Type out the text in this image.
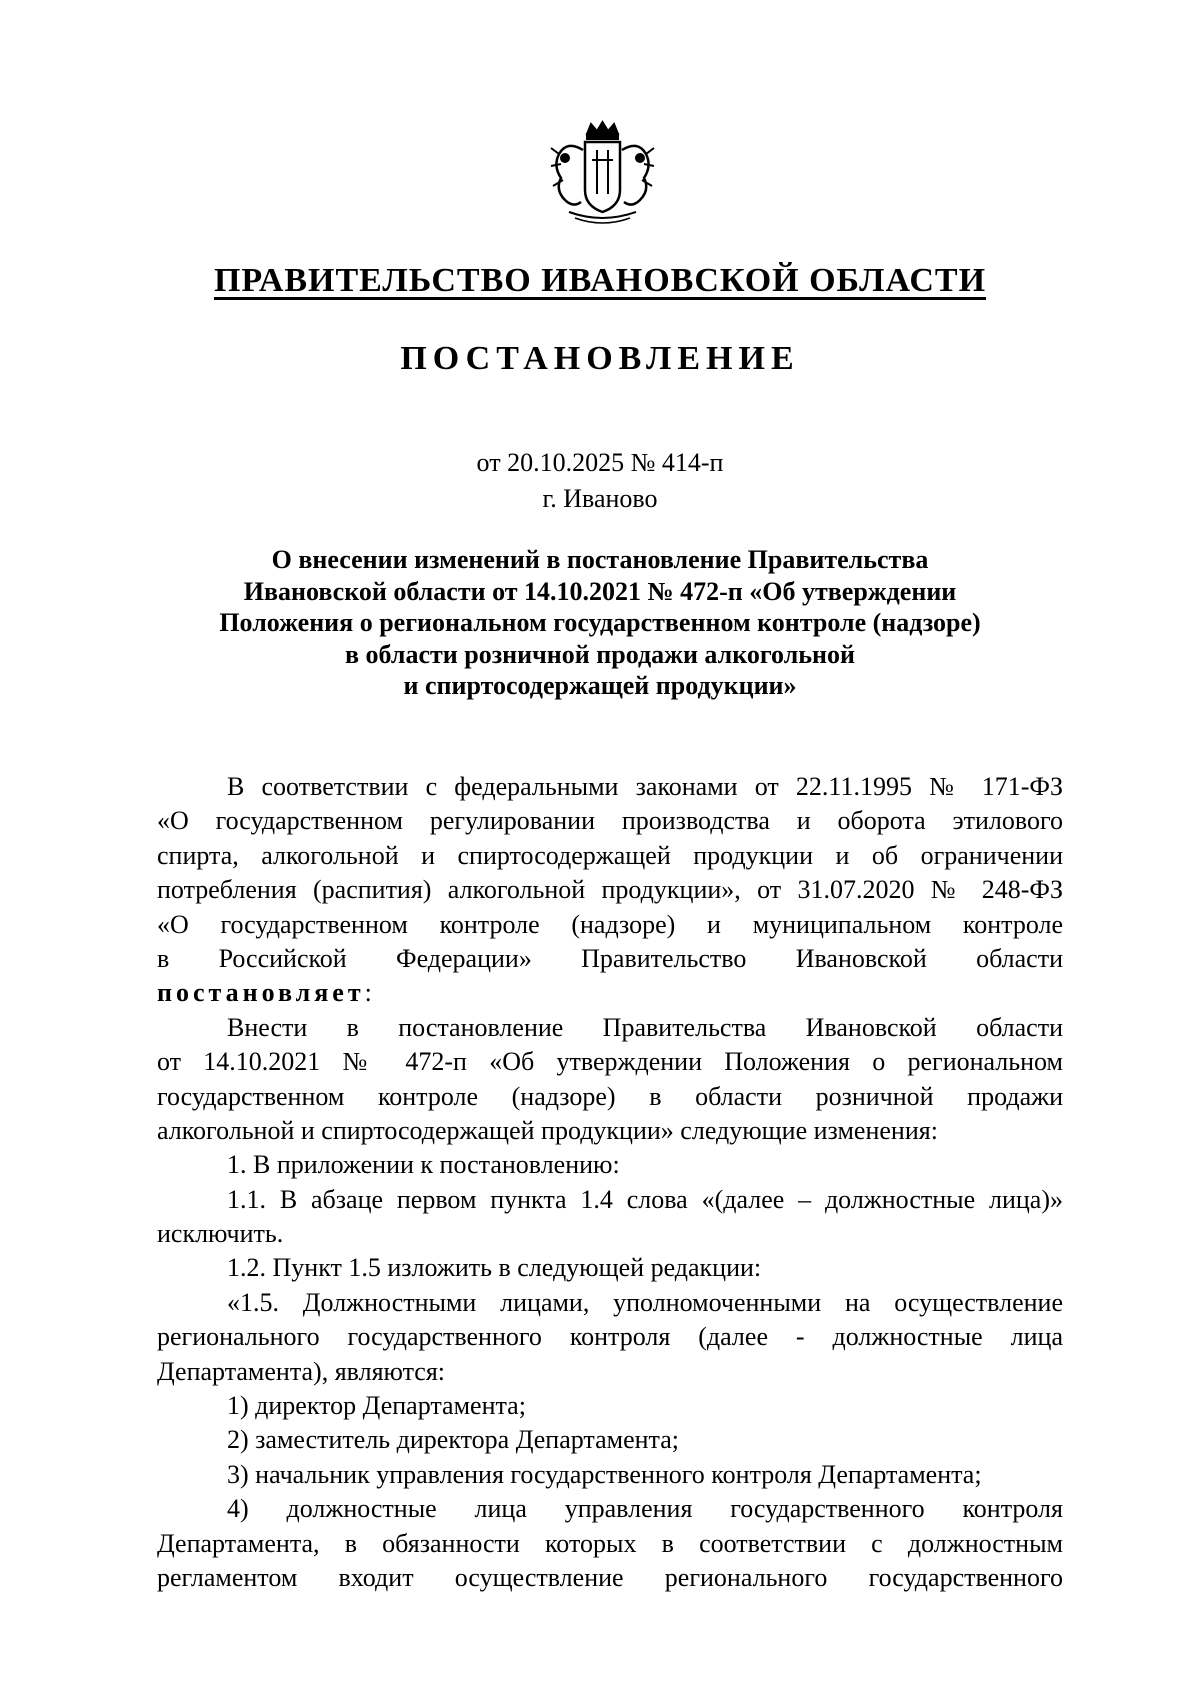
ПРАВИТЕЛЬСТВО ИВАНОВСКОЙ ОБЛАСТИ
ПОСТАНОВЛЕНИЕ
от 20.10.2025 № 414-п
г. Иваново
О внесении изменений в постановление Правительства
Ивановской области от 14.10.2021 № 472-п «Об утверждении
Положения о региональном государственном контроле (надзоре)
в области розничной продажи алкогольной
и спиртосодержащей продукции»
В соответствии с федеральными законами от 22.11.1995 № 171-ФЗ
«О государственном регулировании производства и оборота этилового
спирта, алкогольной и спиртосодержащей продукции и об ограничении
потребления (распития) алкогольной продукции», от 31.07.2020 № 248-ФЗ
«О государственном контроле (надзоре) и муниципальном контроле
в Российской Федерации» Правительство Ивановской области
постановляет:
Внести в постановление Правительства Ивановской области
от 14.10.2021 № 472-п «Об утверждении Положения о региональном
государственном контроле (надзоре) в области розничной продажи
алкогольной и спиртосодержащей продукции» следующие изменения:
1. В приложении к постановлению:
1.1. В абзаце первом пункта 1.4 слова «(далее – должностные лица)»
исключить.
1.2. Пункт 1.5 изложить в следующей редакции:
«1.5. Должностными лицами, уполномоченными на осуществление
регионального государственного контроля (далее - должностные лица
Департамента), являются:
1) директор Департамента;
2) заместитель директора Департамента;
3) начальник управления государственного контроля Департамента;
4) должностные лица управления государственного контроля
Департамента, в обязанности которых в соответствии с должностным
регламентом входит осуществление регионального государственного
